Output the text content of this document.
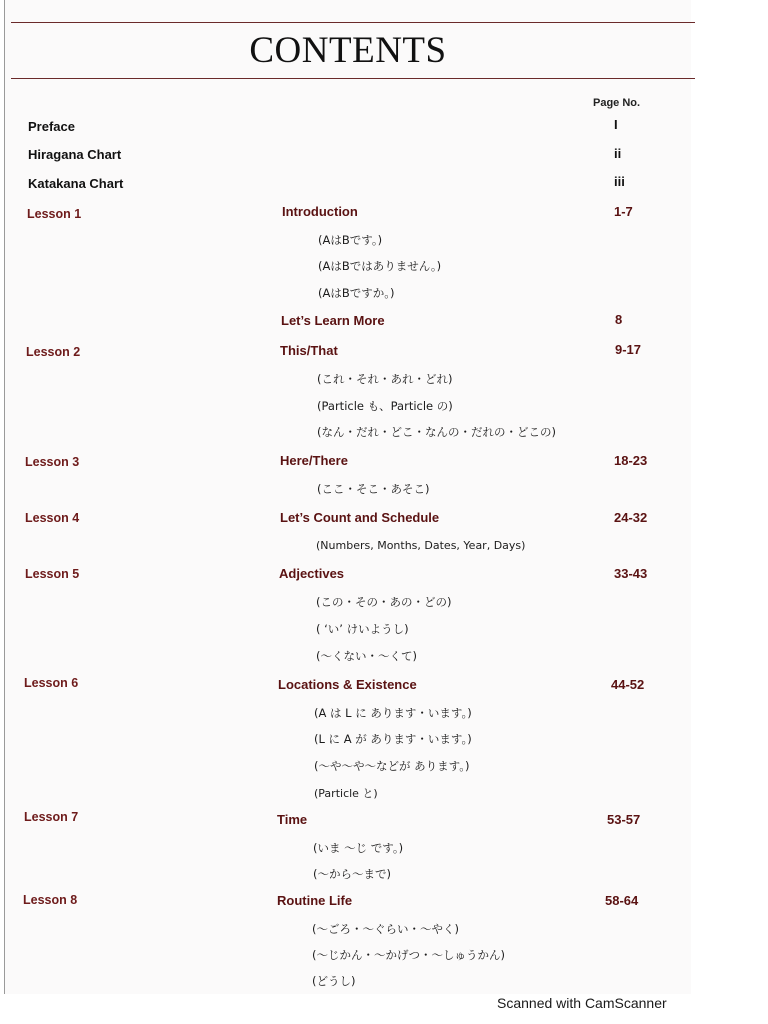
CONTENTS
Page No.
Preface	I
Hiragana Chart	ii
Katakana Chart	iii
Lesson 1	Introduction	1-7
(AはBです。)
(AはBではありません。)
(AはBですか。)
Let’s Learn More	8
Lesson 2	This/That	9-17
(これ・それ・あれ・どれ)
(Particle も、Particle の)
(なん・だれ・どこ・なんの・だれの・どこの)
Lesson 3	Here/There	18-23
(ここ・そこ・あそこ)
Lesson 4	Let’s Count and Schedule	24-32
(Numbers, Months, Dates, Year, Days)
Lesson 5	Adjectives	33-43
(この・その・あの・どの)
( ‘い’ けいようし)
(～くない・～くて)
Lesson 6	Locations & Existence	44-52
(A は L に あります・います。)
(L に A が あります・います。)
(～や～や～などが あります。)
(Particle と)
Lesson 7	Time	53-57
(いま ～じ です。)
(～から～まで)
Lesson 8	Routine Life	58-64
(～ごろ・～ぐらい・～やく)
(～じかん・～かげつ・～しゅうかん)
(どうし)
Scanned with CamScanner
